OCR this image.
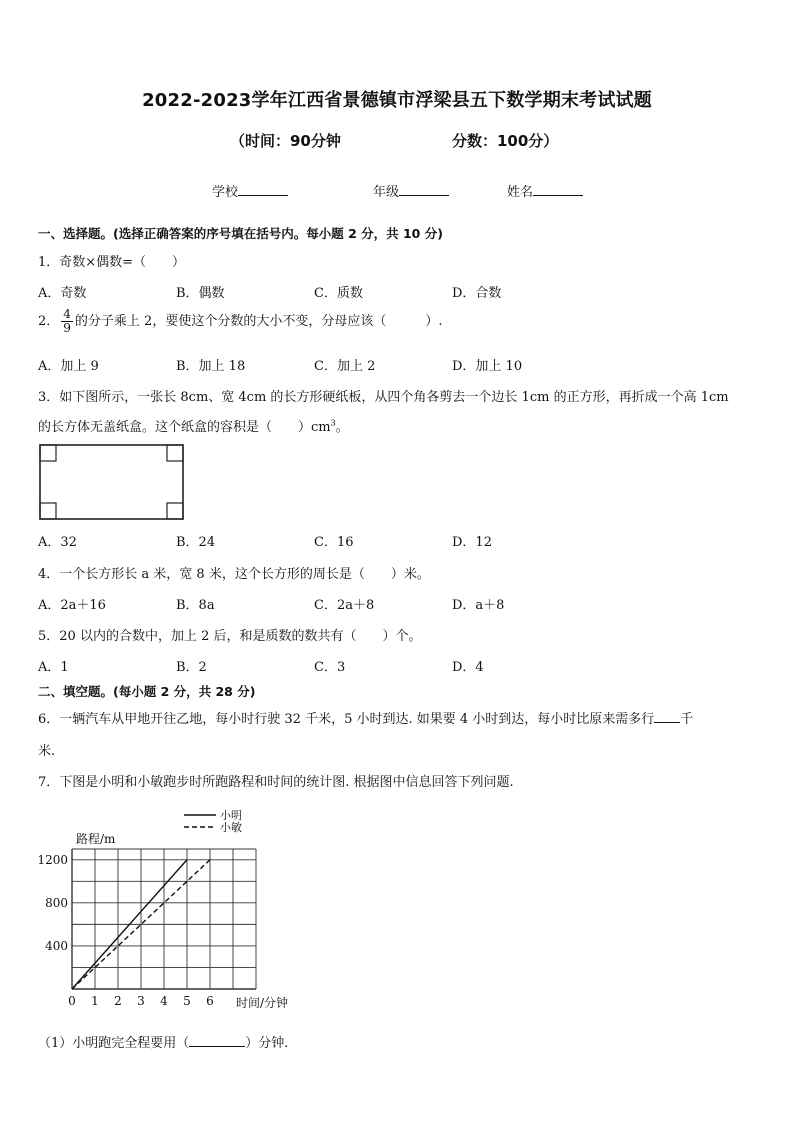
2022-2023学年江西省景德镇市浮梁县五下数学期末考试试题
（时间：90分钟	分数：100分）
学校	年级	姓名
一、选择题。(选择正确答案的序号填在括号内。每小题 2 分，共 10 分)
1．奇数×偶数=（　　）
A．奇数	B．偶数	C．质数	D．合数
2． $\frac{4}{9}$ 的分子乘上 2，要使这个分数的大小不变，分母应该（　　　）.
A．加上 9	B．加上 18	C．加上 2	D．加上 10
3．如下图所示，一张长 8cm、宽 4cm 的长方形硬纸板，从四个角各剪去一个边长 1cm 的正方形，再折成一个高 1cm
的长方体无盖纸盒。这个纸盒的容积是（　　）$cm^3$。
A．32	B．24	C．16	D．12
4．一个长方形长 a 米，宽 8 米，这个长方形的周长是（　　）米。
A．2a＋16	B．8a	C．2a＋8	D．a＋8
5．20 以内的合数中，加上 2 后，和是质数的数共有（　　）个。
A．1	B．2	C．3	D．4
二、填空题。(每小题 2 分，共 28 分)
6．一辆汽车从甲地开往乙地，每小时行驶 32 千米，5 小时到达. 如果要 4 小时到达，每小时比原来需多行 千
米.
7．下图是小明和小敏跑步时所跑路程和时间的统计图. 根据图中信息回答下列问题.
0 1 2 3 4 5 6
400
800
1200
路程/m
时间/分钟
小明
小敏
（1）小明跑完全程要用（	）分钟.
